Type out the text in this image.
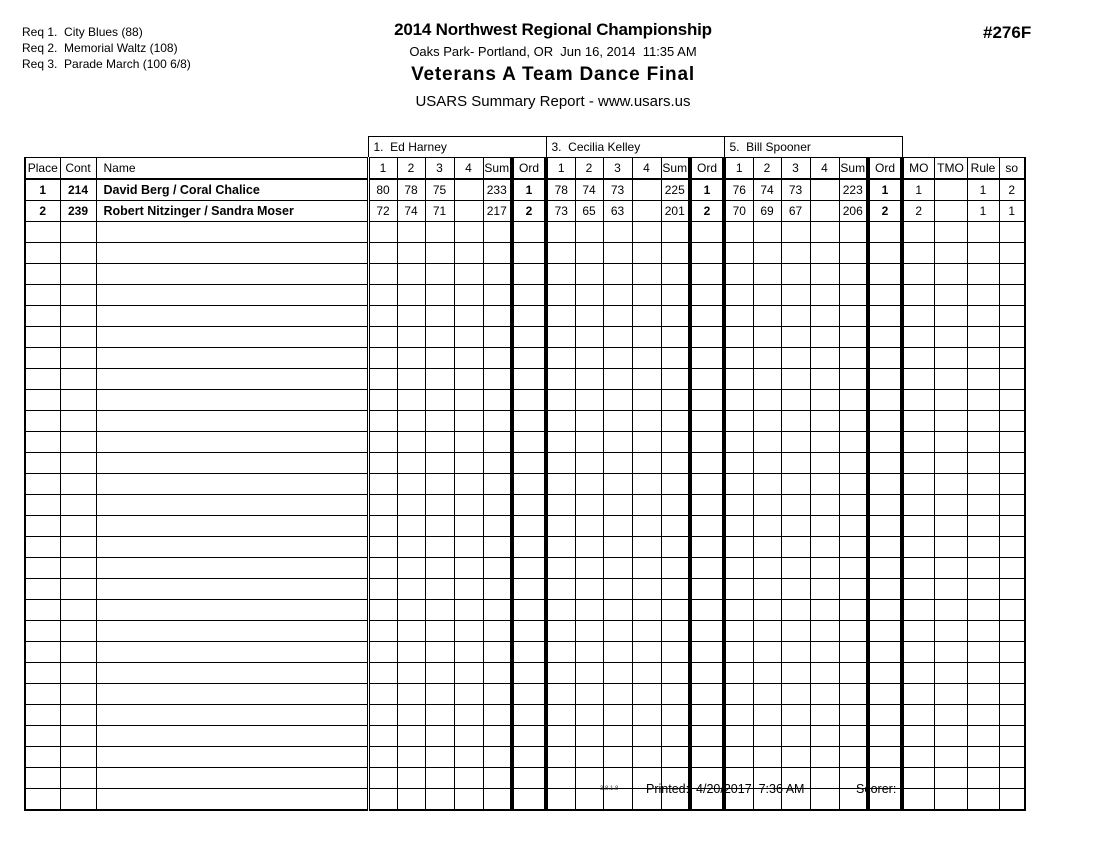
Req 1.  City Blues (88)
Req 2.  Memorial Waltz (108)
Req 3.  Parade March (100 6/8)
2014 Northwest Regional Championship
Oaks Park- Portland, OR  Jun 16, 2014  11:35 AM
Veterans A Team Dance Final
USARS Summary Report - www.usars.us
#276F
			1.  Ed Harney						3.  Cecilia Kelley						5.  Bill Spooner									
Place	Cont	Name	1	2	3	4	Sum	Ord	1	2	3	4	Sum	Ord	1	2	3	4	Sum	Ord	MO	TMO	Rule	so
1	214	David Berg / Coral Chalice	80	78	75		233	1	78	74	73		225	1	76	74	73		223	1	1		1	2
2	239	Robert Nitzinger / Sandra Moser	72	74	71		217	2	73	65	63		201	2	70	69	67		206	2	2		1	1

3.8.1.8 Printed: 4/20/2017  7:36 AM	Scorer:
